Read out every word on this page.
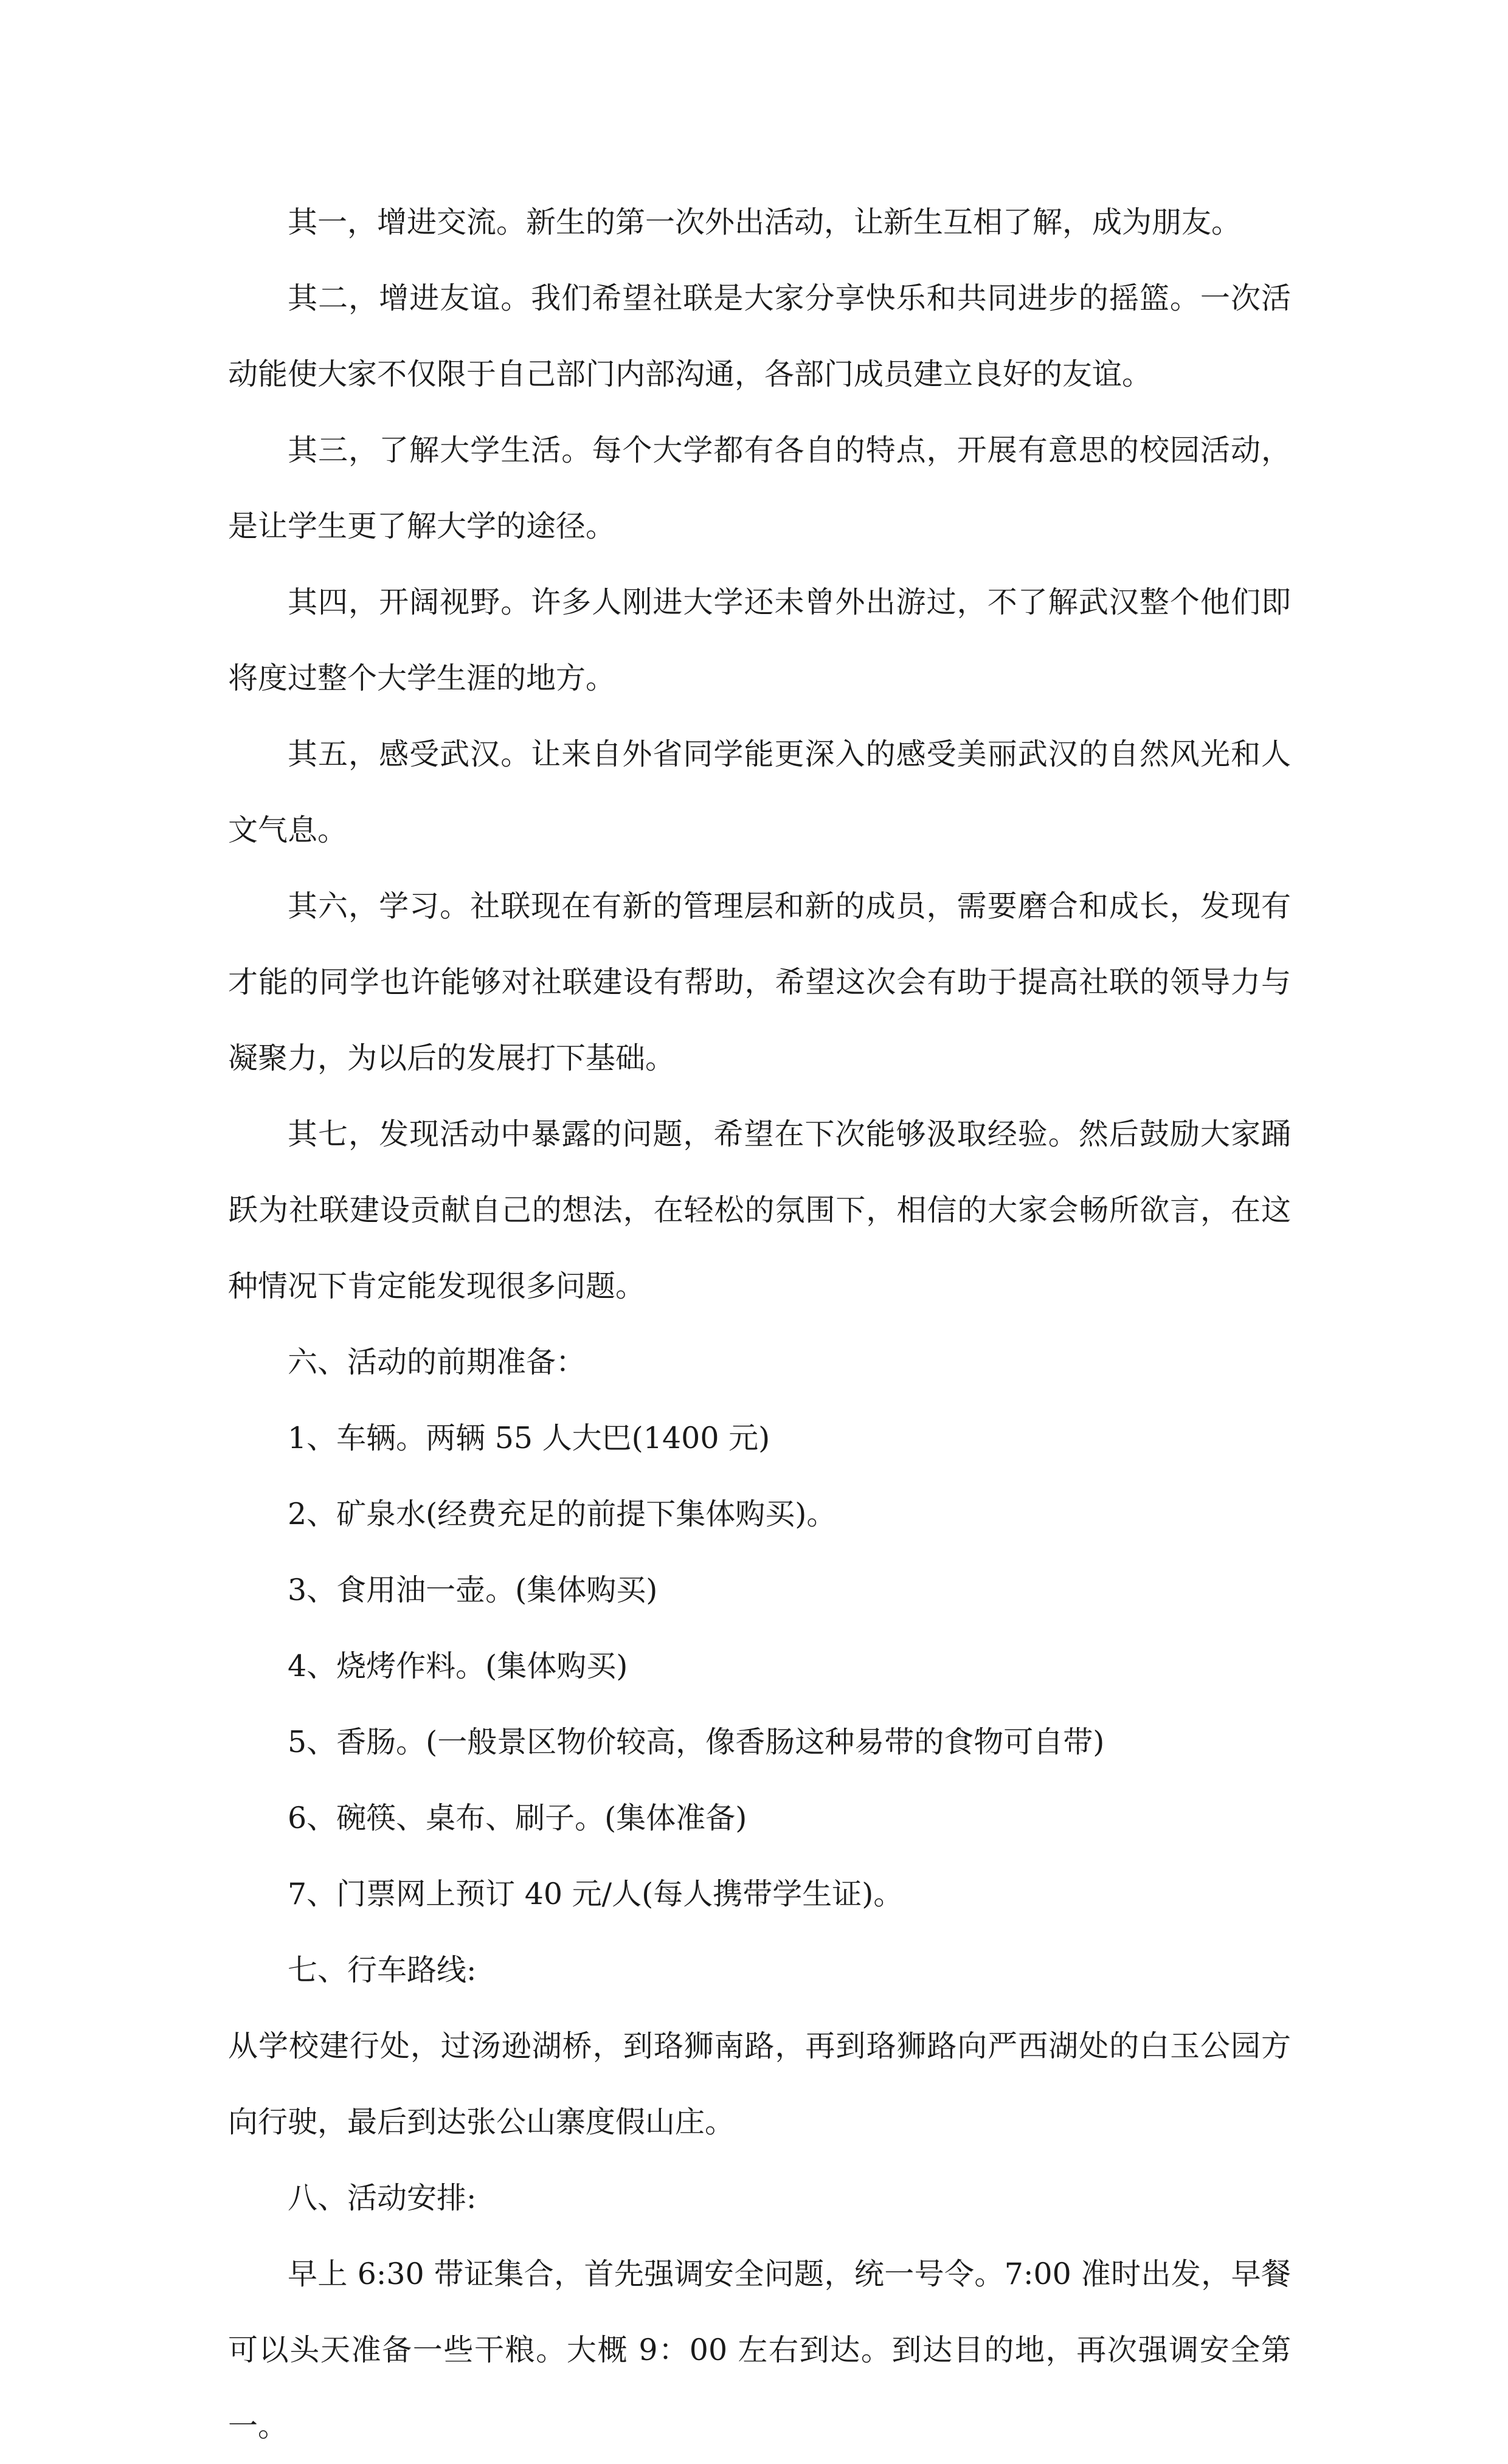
其一，增进交流。新生的第一次外出活动，让新生互相了解，成为朋友。

其二，增进友谊。我们希望社联是大家分享快乐和共同进步的摇篮。一次活动能使大家不仅限于自己部门内部沟通，各部门成员建立良好的友谊。

其三，了解大学生活。每个大学都有各自的特点，开展有意思的校园活动，是让学生更了解大学的途径。

其四，开阔视野。许多人刚进大学还未曾外出游过，不了解武汉整个他们即将度过整个大学生涯的地方。

其五，感受武汉。让来自外省同学能更深入的感受美丽武汉的自然风光和人文气息。

其六，学习。社联现在有新的管理层和新的成员，需要磨合和成长，发现有才能的同学也许能够对社联建设有帮助，希望这次会有助于提高社联的领导力与凝聚力，为以后的发展打下基础。

其七，发现活动中暴露的问题，希望在下次能够汲取经验。然后鼓励大家踊跃为社联建设贡献自己的想法，在轻松的氛围下，相信的大家会畅所欲言，在这种情况下肯定能发现很多问题。

六、活动的前期准备：

1、车辆。两辆 55 人大巴(1400 元)

2、矿泉水(经费充足的前提下集体购买)。

3、食用油一壶。(集体购买)

4、烧烤作料。(集体购买)

5、香肠。(一般景区物价较高，像香肠这种易带的食物可自带)

6、碗筷、桌布、刷子。(集体准备)

7、门票网上预订 40 元/人(每人携带学生证)。

七、行车路线:

从学校建行处，过汤逊湖桥，到珞狮南路，再到珞狮路向严西湖处的白玉公园方向行驶，最后到达张公山寨度假山庄。

八、活动安排:

早上 6:30 带证集合，首先强调安全问题，统一号令。7:00 准时出发，早餐可以头天准备一些干粮。大概 9：00 左右到达。到达目的地，再次强调安全第一。
